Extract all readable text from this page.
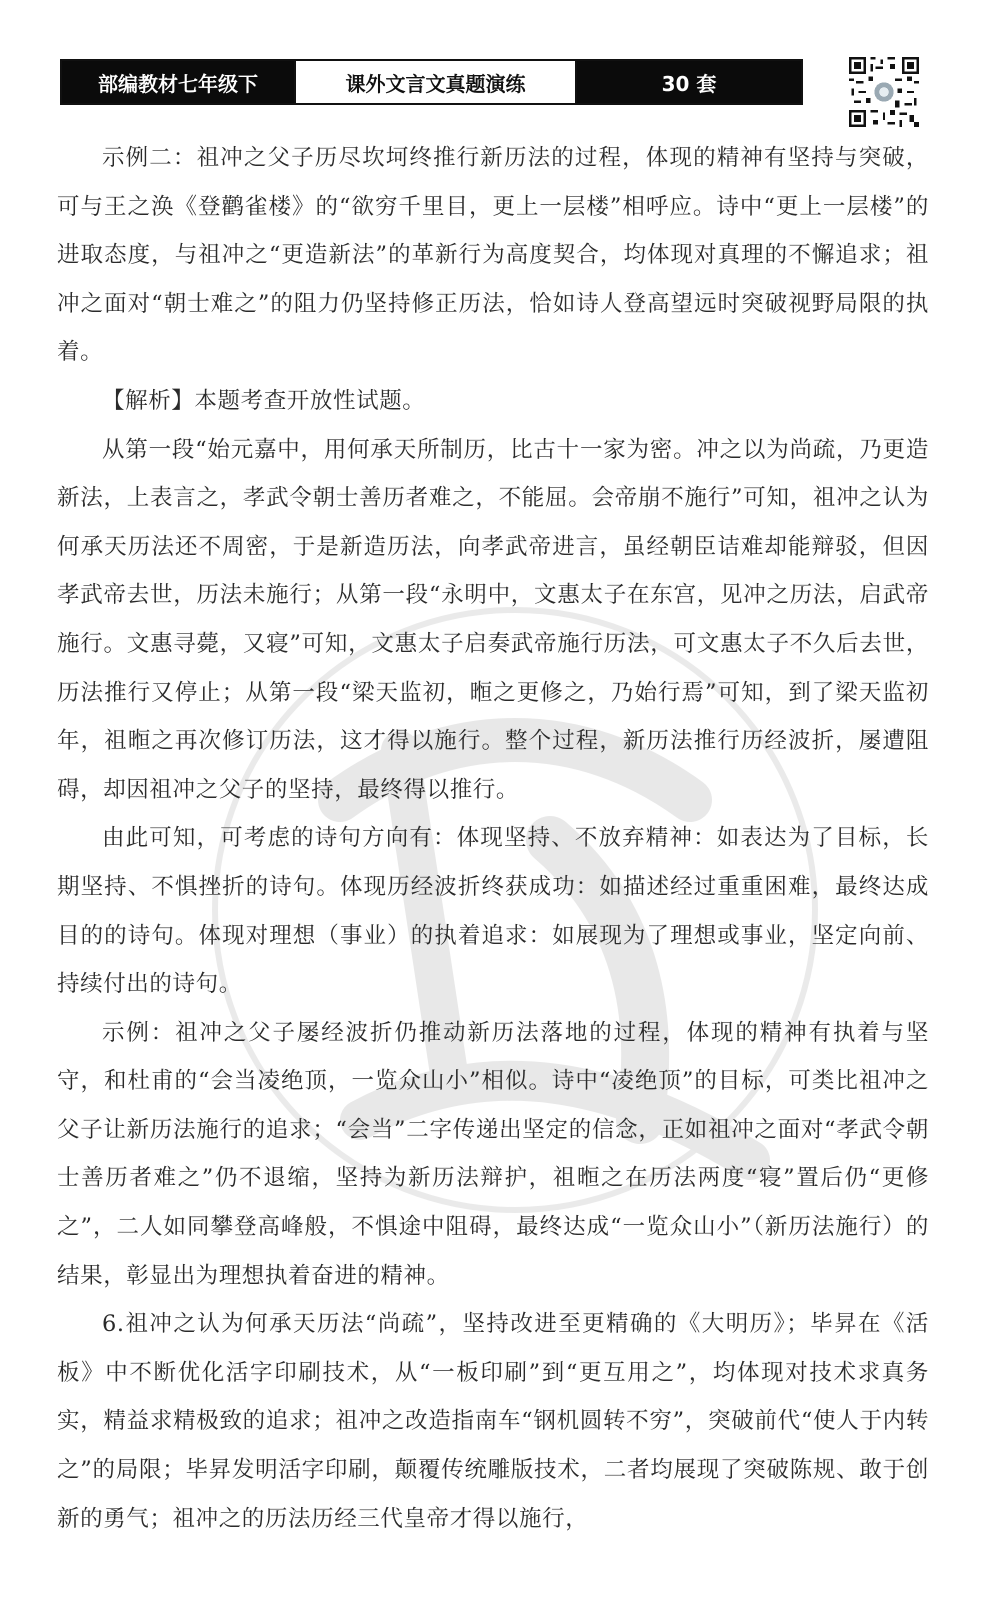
部编教材七年级下	课外文言文真题演练	30 套

示例二：祖冲之父子历尽坎坷终推行新历法的过程，体现的精神有坚持与突破，可与王之涣《登鹳雀楼》的“欲穷千里目，更上一层楼”相呼应。诗中“更上一层楼”的进取态度，与祖冲之“更造新法”的革新行为高度契合，均体现对真理的不懈追求；祖冲之面对“朝士难之”的阻力仍坚持修正历法，恰如诗人登高望远时突破视野局限的执着。

【解析】本题考查开放性试题。

从第一段“始元嘉中，用何承天所制历，比古十一家为密。冲之以为尚疏，乃更造新法，上表言之，孝武令朝士善历者难之，不能屈。会帝崩不施行”可知，祖冲之认为何承天历法还不周密，于是新造历法，向孝武帝进言，虽经朝臣诘难却能辩驳，但因孝武帝去世，历法未施行；从第一段“永明中，文惠太子在东宫，见冲之历法，启武帝施行。文惠寻薨，又寝”可知，文惠太子启奏武帝施行历法，可文惠太子不久后去世，历法推行又停止；从第一段“梁天监初，暅之更修之，乃始行焉”可知，到了梁天监初年，祖暅之再次修订历法，这才得以施行。整个过程，新历法推行历经波折，屡遭阻碍，却因祖冲之父子的坚持，最终得以推行。

由此可知，可考虑的诗句方向有：体现坚持、不放弃精神：如表达为了目标，长期坚持、不惧挫折的诗句。体现历经波折终获成功：如描述经过重重困难，最终达成目的的诗句。体现对理想（事业）的执着追求：如展现为了理想或事业，坚定向前、持续付出的诗句。

示例：祖冲之父子屡经波折仍推动新历法落地的过程，体现的精神有执着与坚守，和杜甫的“会当凌绝顶，一览众山小”相似。诗中“凌绝顶”的目标，可类比祖冲之父子让新历法施行的追求；“会当”二字传递出坚定的信念，正如祖冲之面对“孝武令朝士善历者难之”仍不退缩，坚持为新历法辩护，祖暅之在历法两度“寝”置后仍“更修之”，二人如同攀登高峰般，不惧途中阻碍，最终达成“一览众山小”（新历法施行）的结果，彰显出为理想执着奋进的精神。

6.祖冲之认为何承天历法“尚疏”，坚持改进至更精确的《大明历》；毕昇在《活板》中不断优化活字印刷技术，从“一板印刷”到“更互用之”，均体现对技术求真务实，精益求精极致的追求；祖冲之改造指南车“钢机圆转不穷”，突破前代“使人于内转之”的局限；毕昇发明活字印刷，颠覆传统雕版技术，二者均展现了突破陈规、敢于创新的勇气；祖冲之的历法历经三代皇帝才得以施行，
